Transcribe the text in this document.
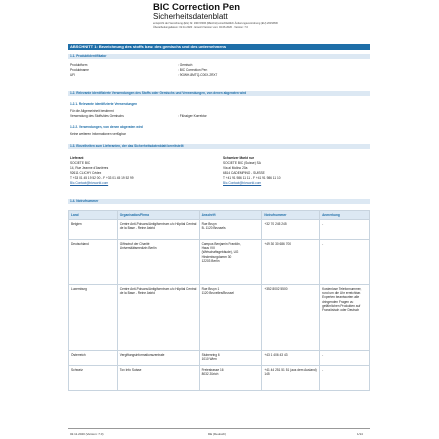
BIC Correction Pen
Sicherheitsdatenblatt
entspricht der Verordnung (EG) Nr. 1907/2006 (REACH) einschließlich Änderungsverordnung (EU) 2015/830
Überarbeitungsdatum: 02.11.2020 · Ersetzt Version vom: 04.06.2020 · Version: 7.0
ABSCHNITT 1: Bezeichnung des stoffs bzw. des gemischs und des unternehmens
1.1. Produktidentifikator
Produktform	: Gemisch
Produktname	: BIC Correction Pen
UFI	: 9GWH-8MTQ-C00X-2RX7
1.2. Relevante identifizierte Verwendungen des Stoffs oder Gemischs und Verwendungen, von denen abgeraten wird
1.2.1. Relevante identifizierte Verwendungen
Für die Allgemeinheit bestimmt
Verwendung des Stoffs/des Gemischs	: Flüssiger Korrektor
1.2.2. Verwendungen, von denen abgeraten wird
Keine weiteren Informationen verfügbar
1.3. Einzelheiten zum Lieferanten, der das Sicherheitsdatenblatt bereitstellt
Lieferant
SOCIETE BIC
14, Rue Jeanne d'Asnières
92611 CLICHY Cédex
T +33 01 45 19 52 00 - F +33 01 45 19 52 99
Bic.Contact@bicworld.com
Schweizer Markt nur
SOCIETE BIC (Suisse) SA
Via al Molino 20a
6814 CADEMPINO - SUISSE
T +41 91 986 11 11 - F +41 91 986 11 10
Bic.Contact@bicworld.com
1.4. Notrufnummer
Land	Organisation/Firma	Anschrift	Notrufnummer	Anmerkung
Belgien	Centre Anti-Poisons/Antigifcentrum c/o Hôpital Central de la Base - Reine Astrid	Rue Bruyn
B- 1120 Brussels	+32 70 245 245	-
Deutschland	Giftnotruf der Charité
Universitätsmedizin Berlin	Campus Benjamin Franklin,
Haus VIII
(Wirtschaftsgebäude), UG
Hindenburgdamm 30
12203 Berlin	+49 30 30 686 700	-
Luxemburg	Centre Anti-Poisons/Antigifcentrum c/o Hôpital Central de la Base - Reine Astrid	Rue Bruyn 1
1120 Bruxelles/Brussel	+352 8002 5500	Kostenlose Telefonnummer, rund um die Uhr erreichbar. Experten beantworten alle dringenden Fragen zu gefährlichen Produkten auf Französisch oder Deutsch
Österreich	Vergiftungsinformationszentrale	Stubenring 6
1010 Wien	+43 1 406 43 43	-
Schweiz	Tox Info Suisse	Freiestrasse 16
8032 Zürich	+41 44 251 51 51 (aus dem Ausland)
145	-
02.11.2020 (Version: 7.0)	DE (Deutsch)	1/14
